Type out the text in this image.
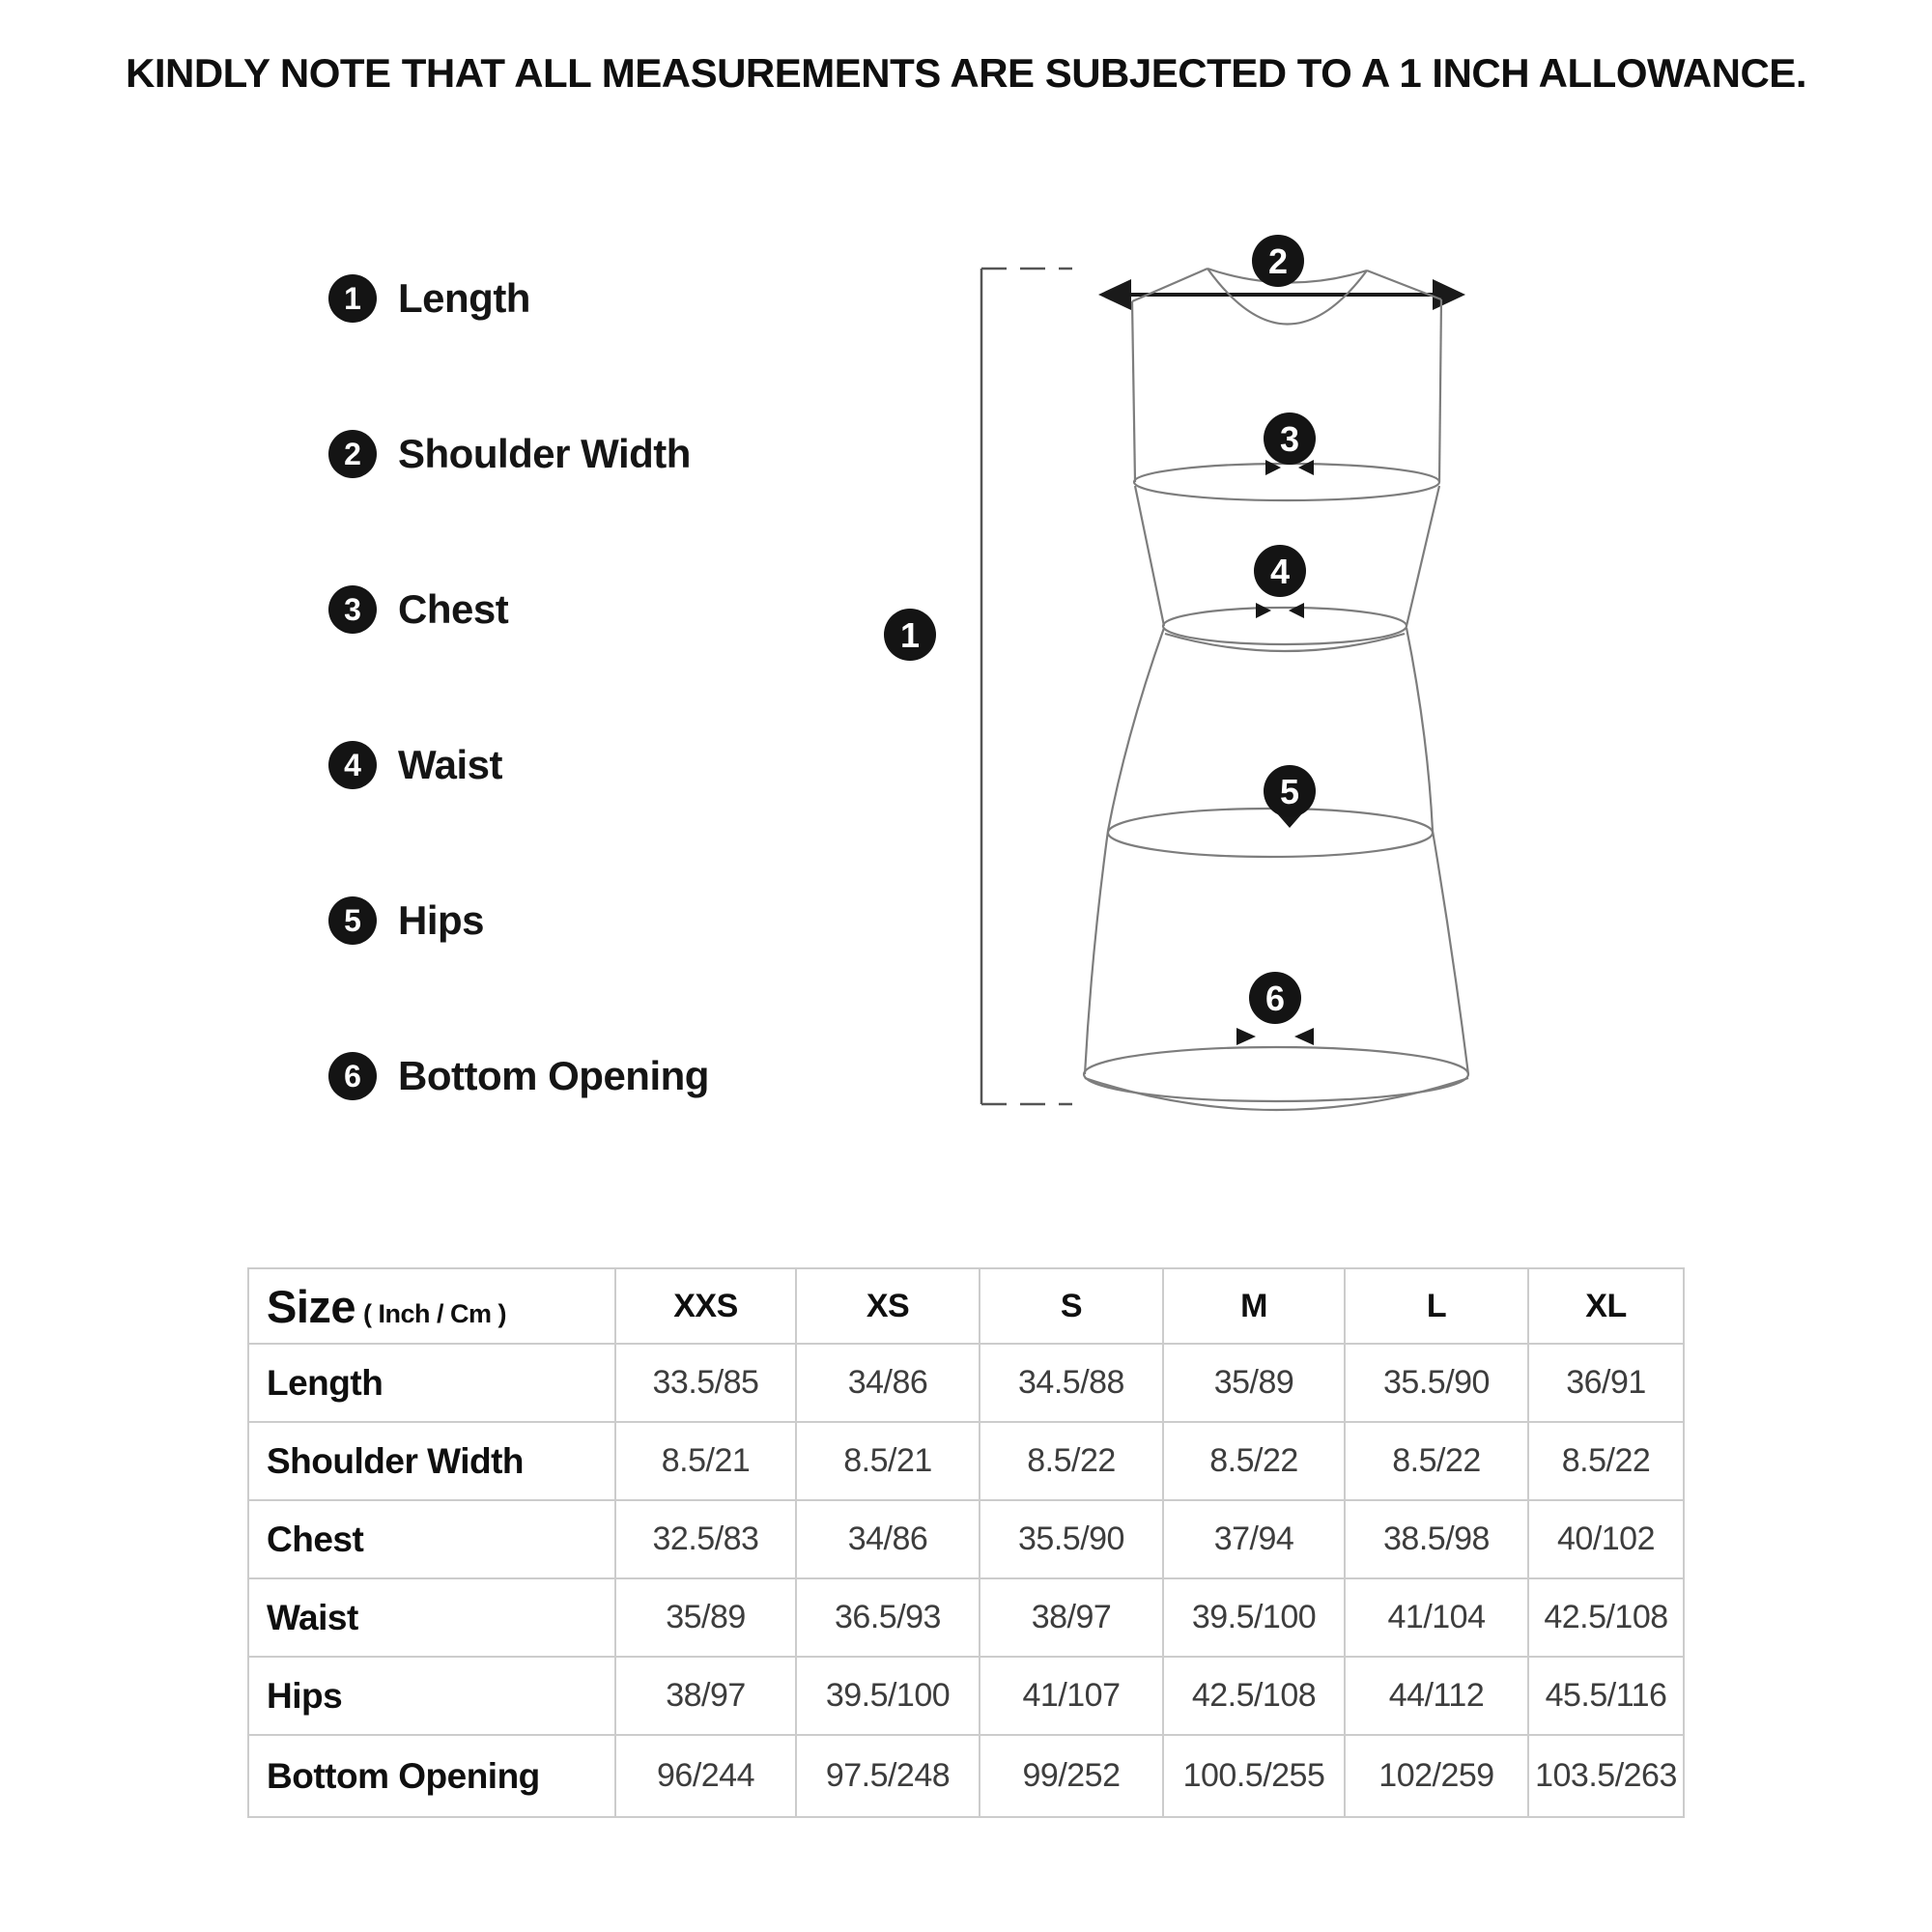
KINDLY NOTE THAT ALL MEASUREMENTS ARE SUBJECTED TO A 1 INCH ALLOWANCE.
1 Length
2 Shoulder Width
3 Chest
4 Waist
5 Hips
6 Bottom Opening
1
2
3
4
5
6
Size ( Inch / Cm )	XXS	XS	S	M	L	XL
Length	33.5/85	34/86	34.5/88	35/89	35.5/90	36/91
Shoulder Width	8.5/21	8.5/21	8.5/22	8.5/22	8.5/22	8.5/22
Chest	32.5/83	34/86	35.5/90	37/94	38.5/98	40/102
Waist	35/89	36.5/93	38/97	39.5/100	41/104	42.5/108
Hips	38/97	39.5/100	41/107	42.5/108	44/112	45.5/116
Bottom Opening	96/244	97.5/248	99/252	100.5/255	102/259	103.5/263
